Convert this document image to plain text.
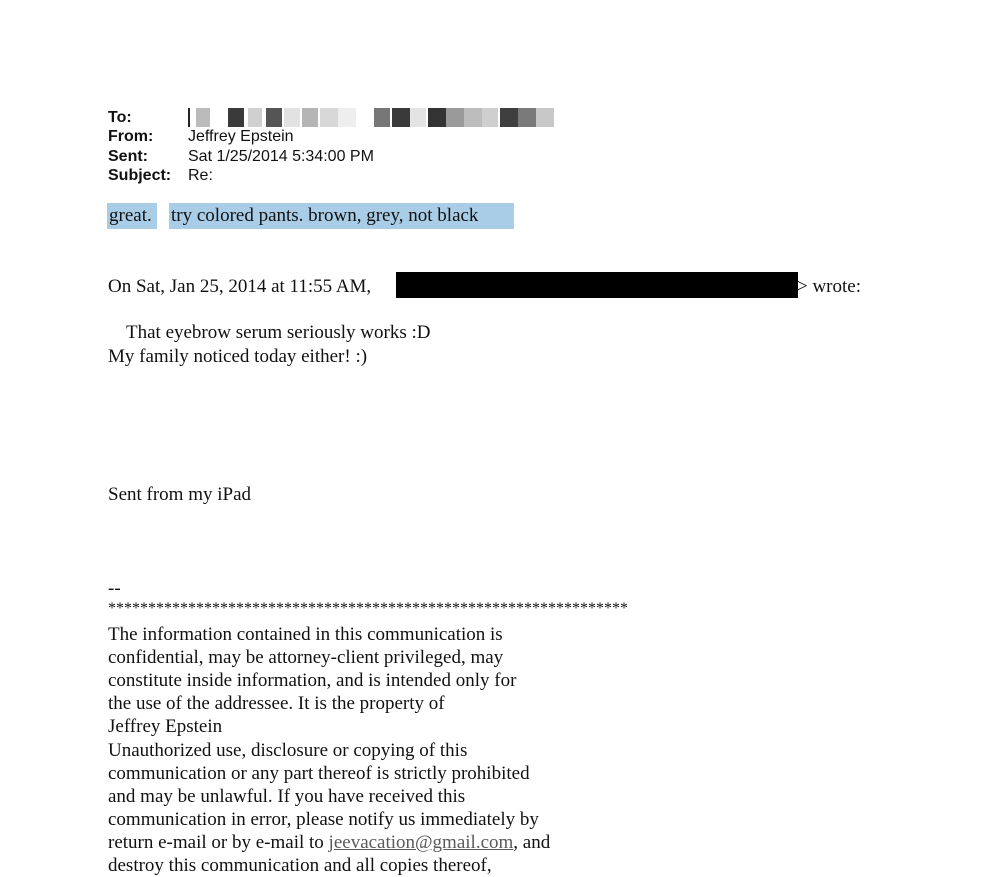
To:
From: Jeffrey Epstein
Sent:	Sat 1/25/2014 5:34:00 PM
Subject: Re:
great. try colored pants. brown, grey, not black
On Sat, Jan 25, 2014 at 11:55 AM,	> wrote:
That eyebrow serum seriously works :D
My family noticed today either! :)
Sent from my iPad
--
*****************************************************************
The information contained in this communication is
confidential, may be attorney-client privileged, may
constitute inside information, and is intended only for
the use of the addressee. It is the property of
Jeffrey Epstein
Unauthorized use, disclosure or copying of this
communication or any part thereof is strictly prohibited
and may be unlawful. If you have received this
communication in error, please notify us immediately by
return e-mail or by e-mail to jeevacation@gmail.com, and
destroy this communication and all copies thereof,
